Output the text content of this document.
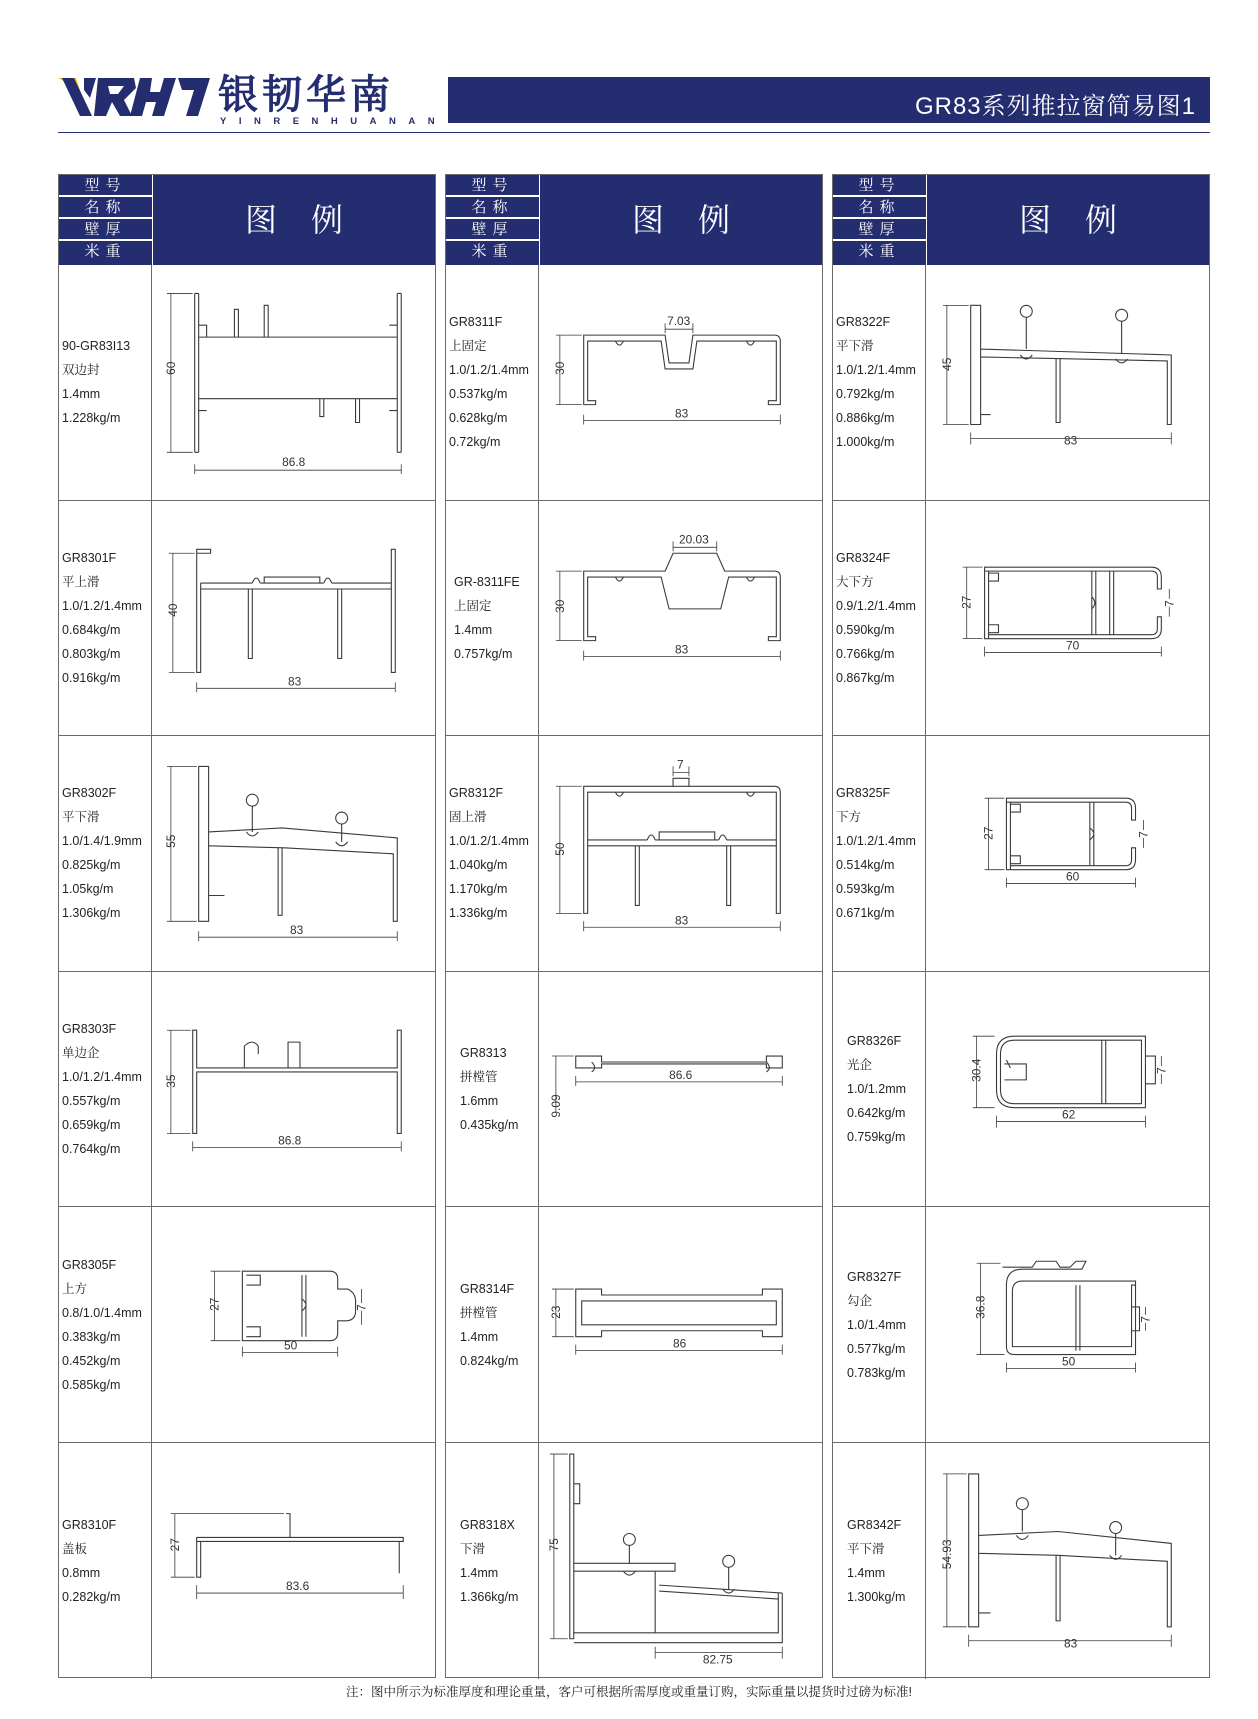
银韧华南
YINRENHUANAN
GR83系列推拉窗简易图1
型号
名称
壁厚
米重
图例
90-GR83I13
双边封
1.4mm
1.228kg/m
60
86.8
GR8301F
平上滑
1.0/1.2/1.4mm
0.684kg/m
0.803kg/m
0.916kg/m
40
83
GR8302F
平下滑
1.0/1.4/1.9mm
0.825kg/m
1.05kg/m
1.306kg/m
55
83
GR8303F
单边企
1.0/1.2/1.4mm
0.557kg/m
0.659kg/m
0.764kg/m
35
86.8
GR8305F
上方
0.8/1.0/1.4mm
0.383kg/m
0.452kg/m
0.585kg/m
27
50
7
GR8310F
盖板
0.8mm
0.282kg/m
27
83.6
型号
名称
壁厚
米重
图例
GR8311F
上固定
1.0/1.2/1.4mm
0.537kg/m
0.628kg/m
0.72kg/m
30
83
7.03
GR-8311FE
上固定
1.4mm
0.757kg/m
30
83
20.03
GR8312F
固上滑
1.0/1.2/1.4mm
1.040kg/m
1.170kg/m
1.336kg/m
50
83
7
GR8313
拼樘管
1.6mm
0.435kg/m
9.09
86.6
GR8314F
拼樘管
1.4mm
0.824kg/m
23
86
GR8318X
下滑
1.4mm
1.366kg/m
75
82.75
型号
名称
壁厚
米重
图例
GR8322F
平下滑
1.0/1.2/1.4mm
0.792kg/m
0.886kg/m
1.000kg/m
45
83
GR8324F
大下方
0.9/1.2/1.4mm
0.590kg/m
0.766kg/m
0.867kg/m
27
70
7
GR8325F
下方
1.0/1.2/1.4mm
0.514kg/m
0.593kg/m
0.671kg/m
27
60
7
GR8326F
光企
1.0/1.2mm
0.642kg/m
0.759kg/m
30.4
62
7
GR8327F
勾企
1.0/1.4mm
0.577kg/m
0.783kg/m
36.8
50
7
GR8342F
平下滑
1.4mm
1.300kg/m
54.93
83
注：图中所示为标准厚度和理论重量，客户可根据所需厚度或重量订购，实际重量以提货时过磅为标准!
